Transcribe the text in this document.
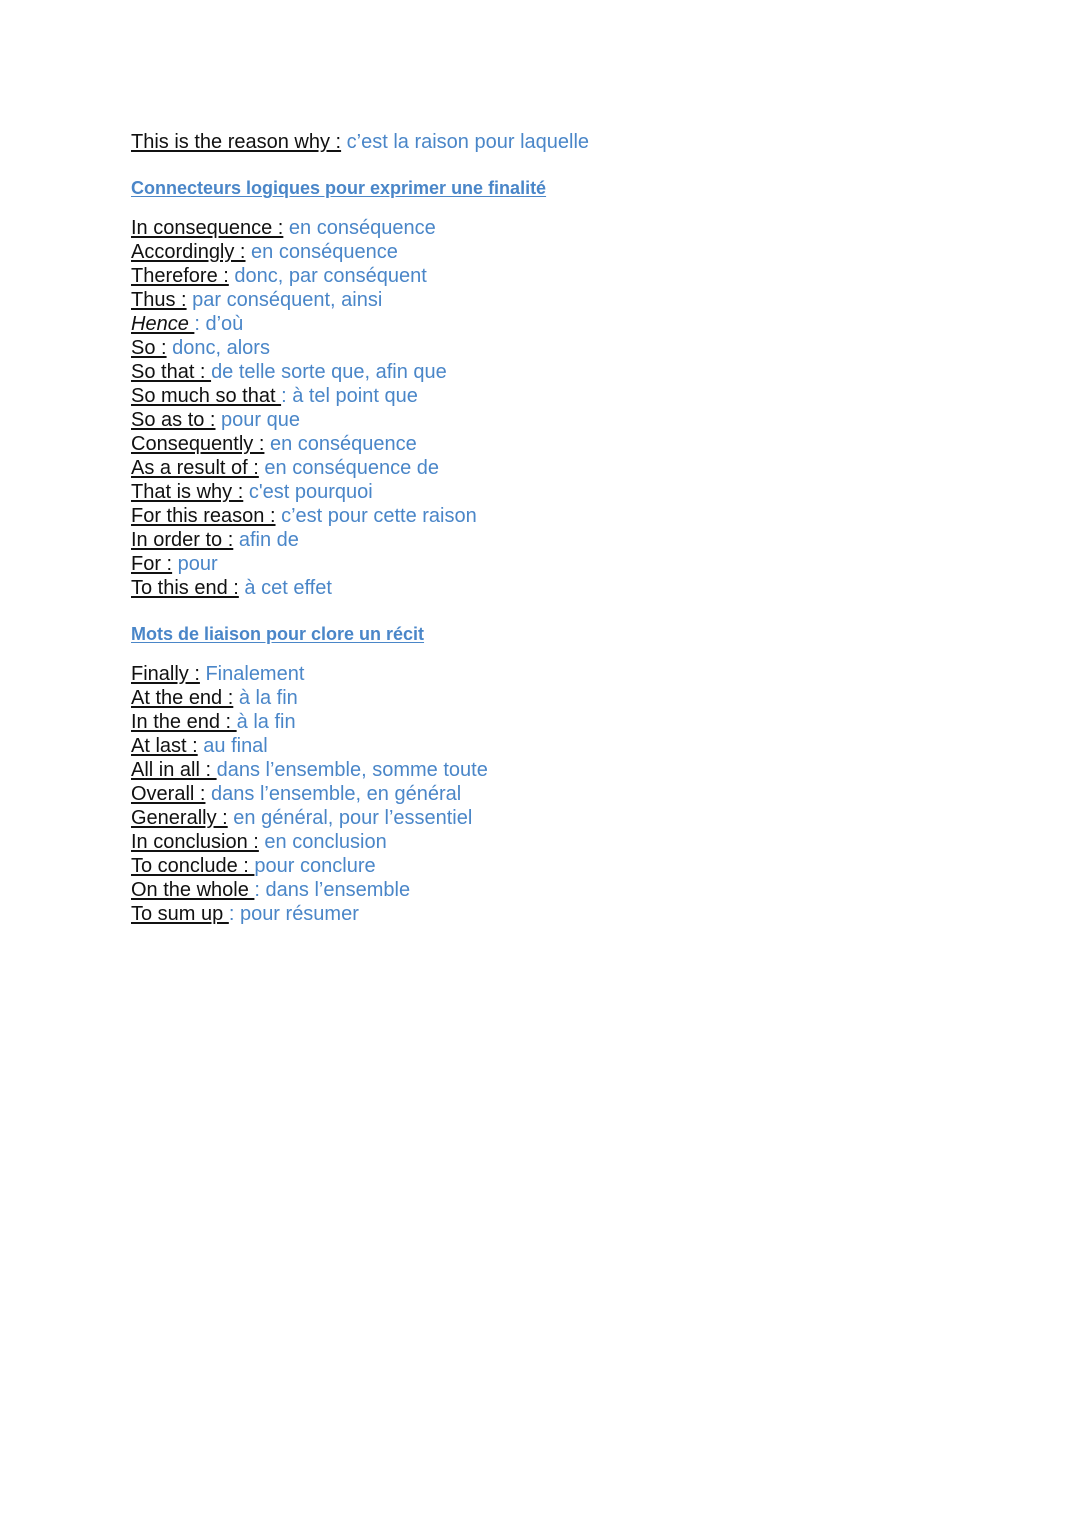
This is the reason why : c’est la raison pour laquelle
Connecteurs logiques pour exprimer une finalité
In consequence : en conséquence
Accordingly : en conséquence
Therefore : donc, par conséquent
Thus : par conséquent, ainsi
Hence : d’où
So : donc, alors
So that : de telle sorte que, afin que
So much so that : à tel point que
So as to : pour que
Consequently : en conséquence
As a result of : en conséquence de
That is why : c'est pourquoi
For this reason : c’est pour cette raison
In order to : afin de
For : pour
To this end : à cet effet
Mots de liaison pour clore un récit
Finally : Finalement
At the end : à la fin
In the end : à la fin
At last : au final
All in all : dans l’ensemble, somme toute
Overall : dans l’ensemble, en général
Generally : en général, pour l’essentiel
In conclusion : en conclusion
To conclude : pour conclure
On the whole : dans l’ensemble
To sum up : pour résumer
